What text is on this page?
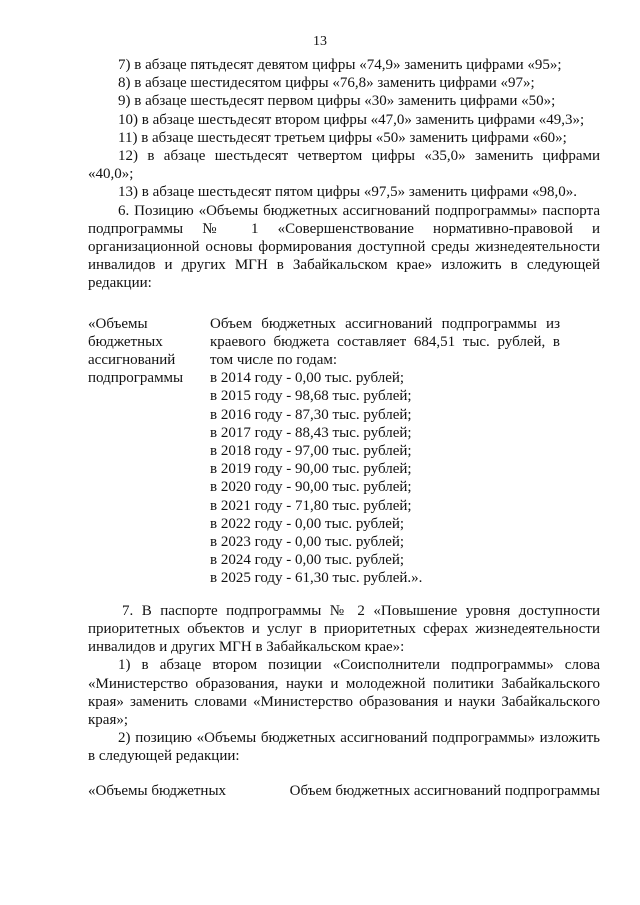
13
7) в абзаце пятьдесят девятом цифры «74,9» заменить цифрами «95»;
8) в абзаце шестидесятом цифры «76,8» заменить цифрами «97»;
9) в абзаце шестьдесят первом цифры «30» заменить цифрами «50»;
10) в абзаце шестьдесят втором цифры «47,0» заменить цифрами «49,3»;
11) в абзаце шестьдесят третьем цифры «50» заменить цифрами «60»;
12) в абзаце шестьдесят четвертом цифры «35,0» заменить цифрами «40,0»;
13) в абзаце шестьдесят пятом цифры «97,5» заменить цифрами «98,0».
6. Позицию «Объемы бюджетных ассигнований подпрограммы» паспорта подпрограммы № 1 «Совершенствование нормативно-правовой и организационной основы формирования доступной среды жизнедеятельности инвалидов и других МГН в Забайкальском крае» изложить в следующей редакции:
«Объемы
бюджетных
ассигнований
подпрограммы
Объем бюджетных ассигнований подпрограммы из краевого бюджета составляет 684,51 тыс. рублей, в том числе по годам:
в 2014 году - 0,00 тыс. рублей;
в 2015 году - 98,68 тыс. рублей;
в 2016 году - 87,30 тыс. рублей;
в 2017 году - 88,43 тыс. рублей;
в 2018 году - 97,00 тыс. рублей;
в 2019 году - 90,00 тыс. рублей;
в 2020 году - 90,00 тыс. рублей;
в 2021 году - 71,80 тыс. рублей;
в 2022 году - 0,00 тыс. рублей;
в 2023 году - 0,00 тыс. рублей;
в 2024 году - 0,00 тыс. рублей;
в 2025 году - 61,30 тыс. рублей.».
7. В паспорте подпрограммы № 2 «Повышение уровня доступности приоритетных объектов и услуг в приоритетных сферах жизнедеятельности инвалидов и других МГН в Забайкальском крае»:
1) в абзаце втором позиции «Соисполнители подпрограммы» слова «Министерство образования, науки и молодежной политики Забайкальского края» заменить словами «Министерство образования и науки Забайкальского края»;
2) позицию «Объемы бюджетных ассигнований подпрограммы» изложить в следующей редакции:
«Объемы бюджетных	Объем бюджетных ассигнований подпрограммы
